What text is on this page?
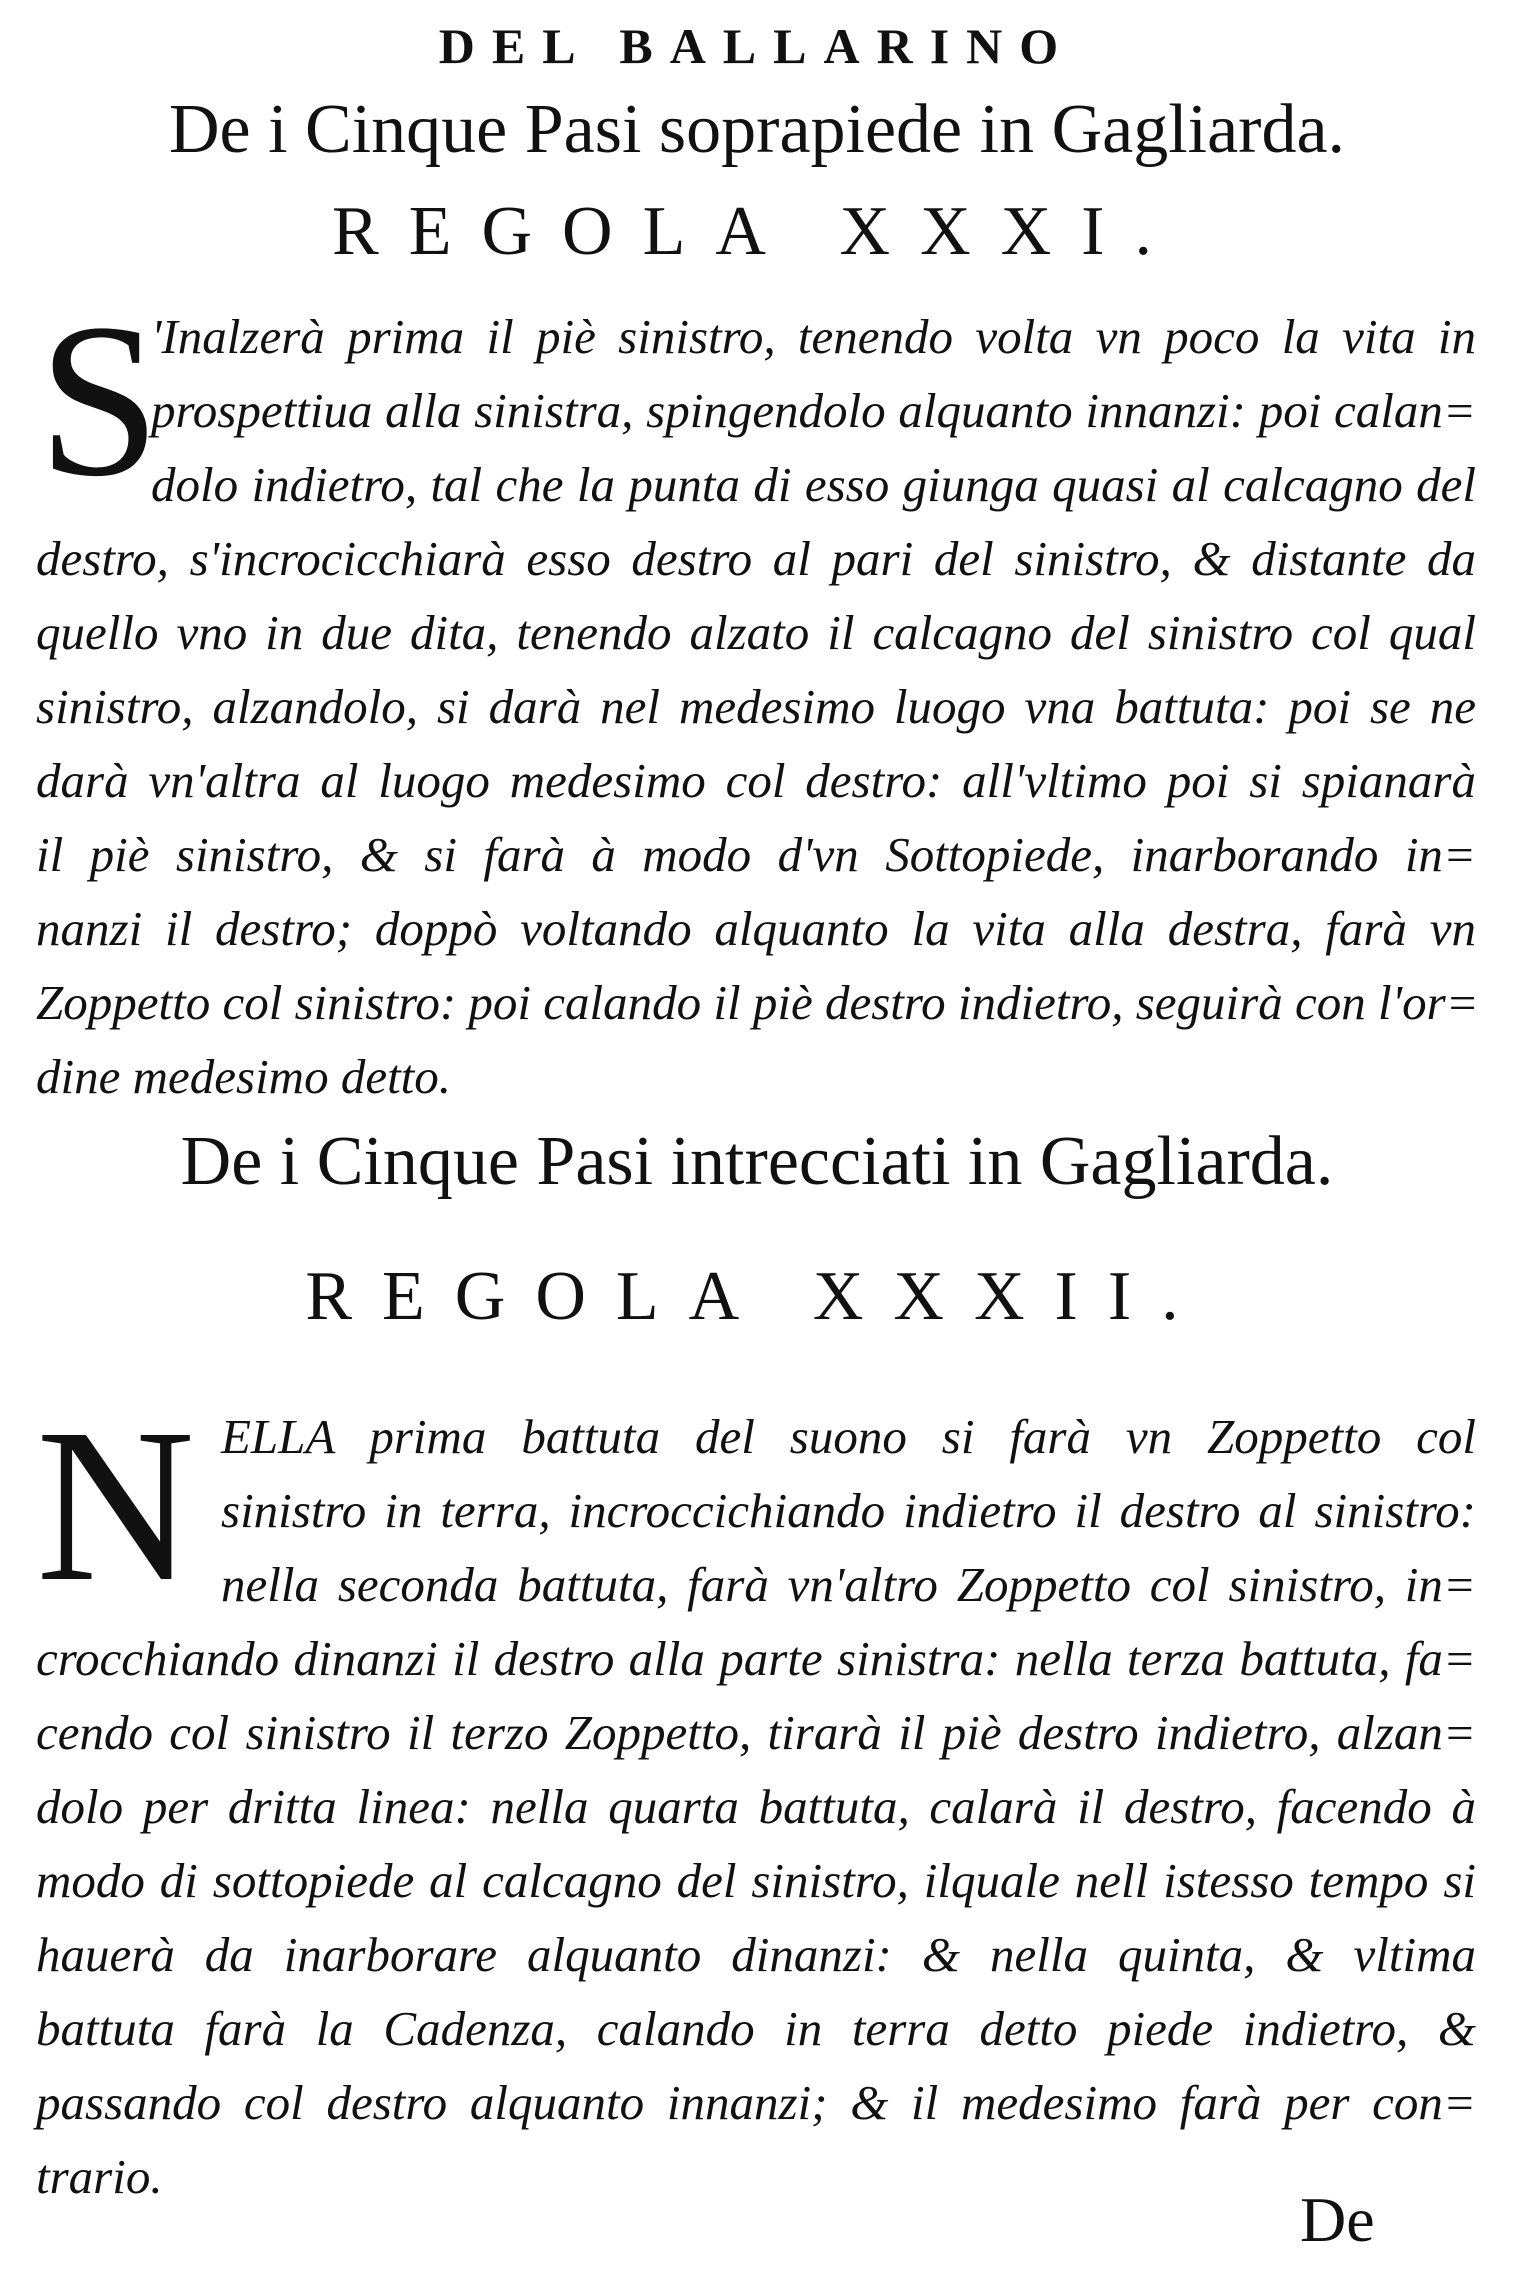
DEL BALLARINO
De i Cinque Pasi soprapiede in Gagliarda.
REGOLA XXXI.
S
'Inalzerà prima il piè sinistro, tenendo volta vn poco la vita in
prospettiua alla sinistra, spingendolo alquanto innanzi: poi calan=
dolo indietro, tal che la punta di esso giunga quasi al calcagno del
destro, s'incrocicchiarà esso destro al pari del sinistro, & distante da
quello vno in due dita, tenendo alzato il calcagno del sinistro col qual
sinistro, alzandolo, si darà nel medesimo luogo vna battuta: poi se ne
darà vn'altra al luogo medesimo col destro: all'vltimo poi si spianarà
il piè sinistro, & si farà à modo d'vn Sottopiede, inarborando in=
nanzi il destro; doppò voltando alquanto la vita alla destra, farà vn
Zoppetto col sinistro: poi calando il piè destro indietro, seguirà con l'or=
dine medesimo detto.
De i Cinque Pasi intrecciati in Gagliarda.
REGOLA XXXII.
N ELLA prima battuta del suono si farà vn Zoppetto col
sinistro in terra, incroccichiando indietro il destro al sinistro:
nella seconda battuta, farà vn'altro Zoppetto col sinistro, in=
crocchiando dinanzi il destro alla parte sinistra: nella terza battuta, fa=
cendo col sinistro il terzo Zoppetto, tirarà il piè destro indietro, alzan=
dolo per dritta linea: nella quarta battuta, calarà il destro, facendo à
modo di sottopiede al calcagno del sinistro, ilquale nell istesso tempo si
hauerà da inarborare alquanto dinanzi: & nella quinta, & vltima
battuta farà la Cadenza, calando in terra detto piede indietro, &
passando col destro alquanto innanzi; & il medesimo farà per con=
trario.
De
